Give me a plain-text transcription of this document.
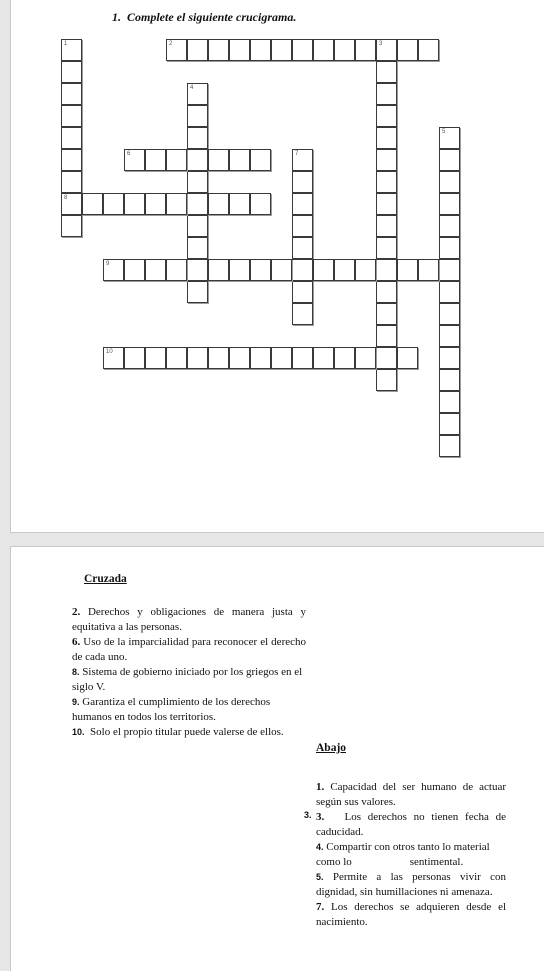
1. Complete el siguiente crucigrama.
1
8
2	3
4
5
6	7
9
10
Cruzada
2. Derechos y obligaciones de manera justa y equitativa a las personas.
6. Uso de la imparcialidad para reconocer el derecho de cada uno.
8. Sistema de gobierno iniciado por los griegos en el siglo V.
9. Garantiza el cumplimiento de los derechos humanos en todos los territorios.
10. Solo el propio titular puede valerse de ellos.
Abajo
3.
1. Capacidad del ser humano de actuar según sus valores.
3. Los derechos no tienen fecha de caducidad.
4. Compartir con otros tanto lo material como lo	sentimental.
5. Permite a las personas vivir con dignidad, sin humillaciones ni amenaza.
7. Los derechos se adquieren desde el nacimiento.
